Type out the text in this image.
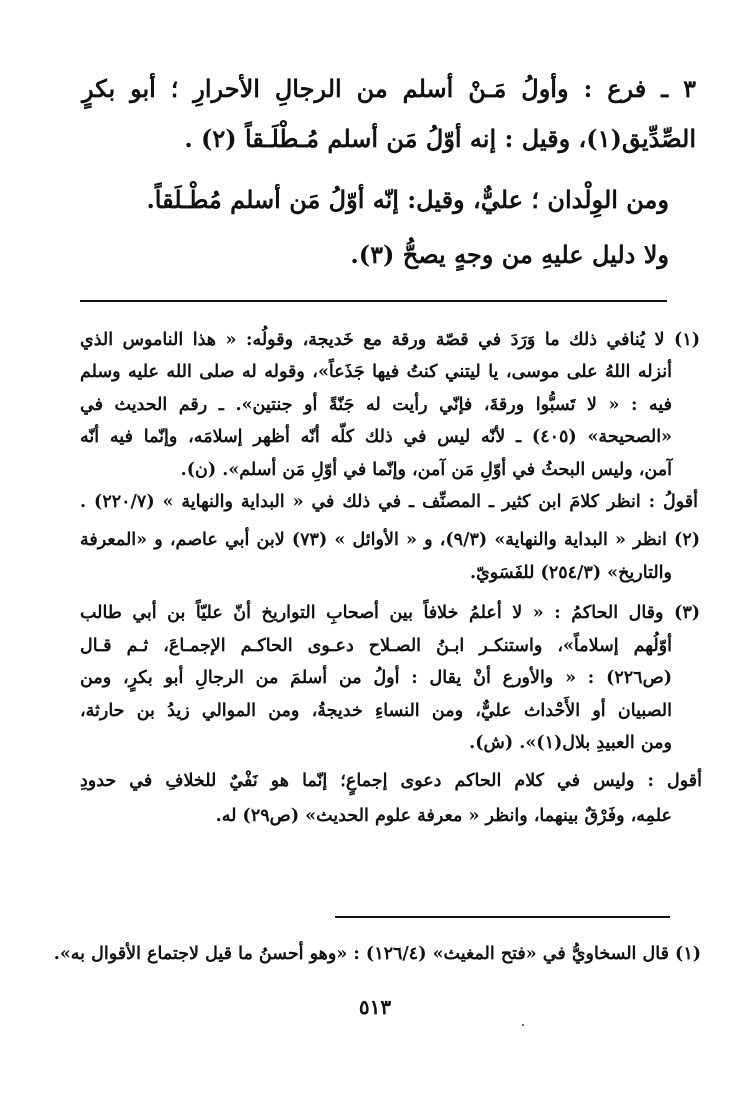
٣ ـ فرع : وأولُ مَـنْ أسلم من الرجالِ الأحرارِ ؛ أبو بكرٍ
الصِّدِّيق(١)، وقيل : إنه أوّلُ مَن أسلم مُـطْلَـقاً (٢) .
ومن الوِلْدان ؛ عليٌّ، وقيل: إنّه أوّلُ مَن أسلم مُطْـلَقاً.
ولا دليل عليهِ من وجهٍ يصحُّ (٣).
(١) لا يُنافي ذلك ما وَرَدَ في قصّة ورقة مع خَديجة، وقولُه: « هذا الناموس الذي
أنزله اللهُ على موسى، يا ليتني كنتُ فيها جَذَعاً»، وقوله له صلى الله عليه وسلم
فيه : « لا تَسبُّوا ورقةَ، فإنّي رأيت له جَنّةً أو جنتين». ـ رقم الحديث في
«الصحيحة» (٤٠٥) ـ لأنّه ليس في ذلك كلّه أنّه أظهر إسلامَه، وإنّما فيه أنّه
آمن، وليس البحثُ في أوّلِ مَن آمن، وإنّما في أوّلِ مَن أسلم». (ن).
أقولُ : انظر كلامَ ابن كثير ـ المصنِّف ـ في ذلك في « البداية والنهاية » (٢٢٠/٧) .
(٢) انظر « البداية والنهاية» (٩/٣)، و « الأوائل » (٧٣) لابن أبي عاصم، و «المعرفة
والتاريخ» (٢٥٤/٣) للفَسَويّ.
(٣) وقال الحاكمُ : « لا أعلمُ خلافاً بين أصحابِ التواريخ أنّ عليّاً بن أبي طالب
أوّلُهم إسلاماً»، واستنكـر ابـنُ الصـلاح دعـوى الحاكـم الإجمـاعَ، ثـم قـال
(ص٢٢٦) : « والأورع أنْ يقال : أولُ من أسلمَ من الرجالِ أبو بكرٍ، ومن
الصبيان أو الأَحْداث عليٌّ، ومن النساءِ خديجةُ، ومن الموالي زيدُ بن حارثة،
ومن العبيدِ بلال(١)». (ش).
أقول : وليس في كلام الحاكم دعوى إجماعٍ؛ إنّما هو نَفْيٌ للخلافِ في حدودِ
علمِه، وفَرْقٌ بينهما، وانظر « معرفة علوم الحديث» (ص٢٩) له.
(١) قال السخاويُّ في «فتح المغيث» (١٢٦/٤) : «وهو أحسنُ ما قيل لاجتماع الأقوال به».
٥١٣
